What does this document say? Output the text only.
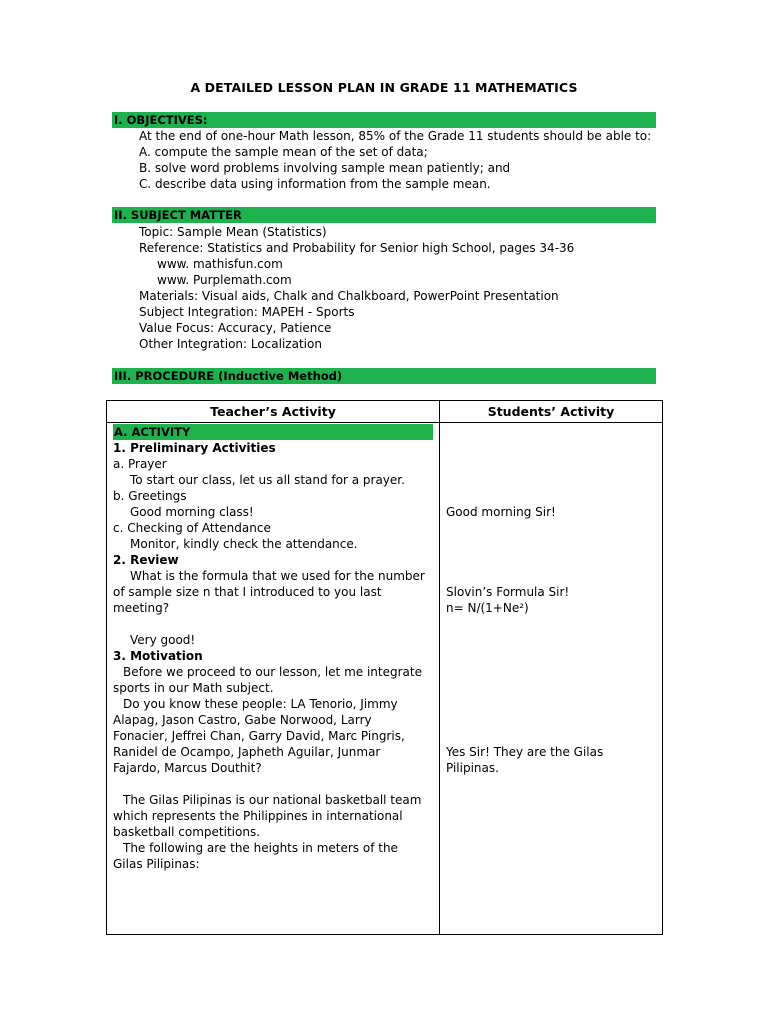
A DETAILED LESSON PLAN IN GRADE 11 MATHEMATICS
I. OBJECTIVES:
At the end of one-hour Math lesson, 85% of the Grade 11 students should be able to:
A. compute the sample mean of the set of data;
B. solve word problems involving sample mean patiently; and
C. describe data using information from the sample mean.
II. SUBJECT MATTER
Topic: Sample Mean (Statistics)
Reference: Statistics and Probability for Senior high School, pages 34-36
www. mathisfun.com
www. Purplemath.com
Materials: Visual aids, Chalk and Chalkboard, PowerPoint Presentation
Subject Integration: MAPEH - Sports
Value Focus: Accuracy, Patience
Other Integration: Localization
III. PROCEDURE (Inductive Method)
Teacher’s Activity	Students’ Activity
A. ACTIVITY
1. Preliminary Activities
a. Prayer
To start our class, let us all stand for a prayer.
b. Greetings
Good morning class!
c. Checking of Attendance
Monitor, kindly check the attendance.
2. Review
What is the formula that we used for the number
of sample size n that I introduced to you last
meeting?
Very good!
3. Motivation
Before we proceed to our lesson, let me integrate
sports in our Math subject.
Do you know these people: LA Tenorio, Jimmy
Alapag, Jason Castro, Gabe Norwood, Larry
Fonacier, Jeffrei Chan, Garry David, Marc Pingris,
Ranidel de Ocampo, Japheth Aguilar, Junmar
Fajardo, Marcus Douthit?
The Gilas Pilipinas is our national basketball team
which represents the Philippines in international
basketball competitions.
The following are the heights in meters of the
Gilas Pilipinas:
Good morning Sir!
Slovin’s Formula Sir!
n= N/(1+Ne²)
Yes Sir! They are the Gilas
Pilipinas.
